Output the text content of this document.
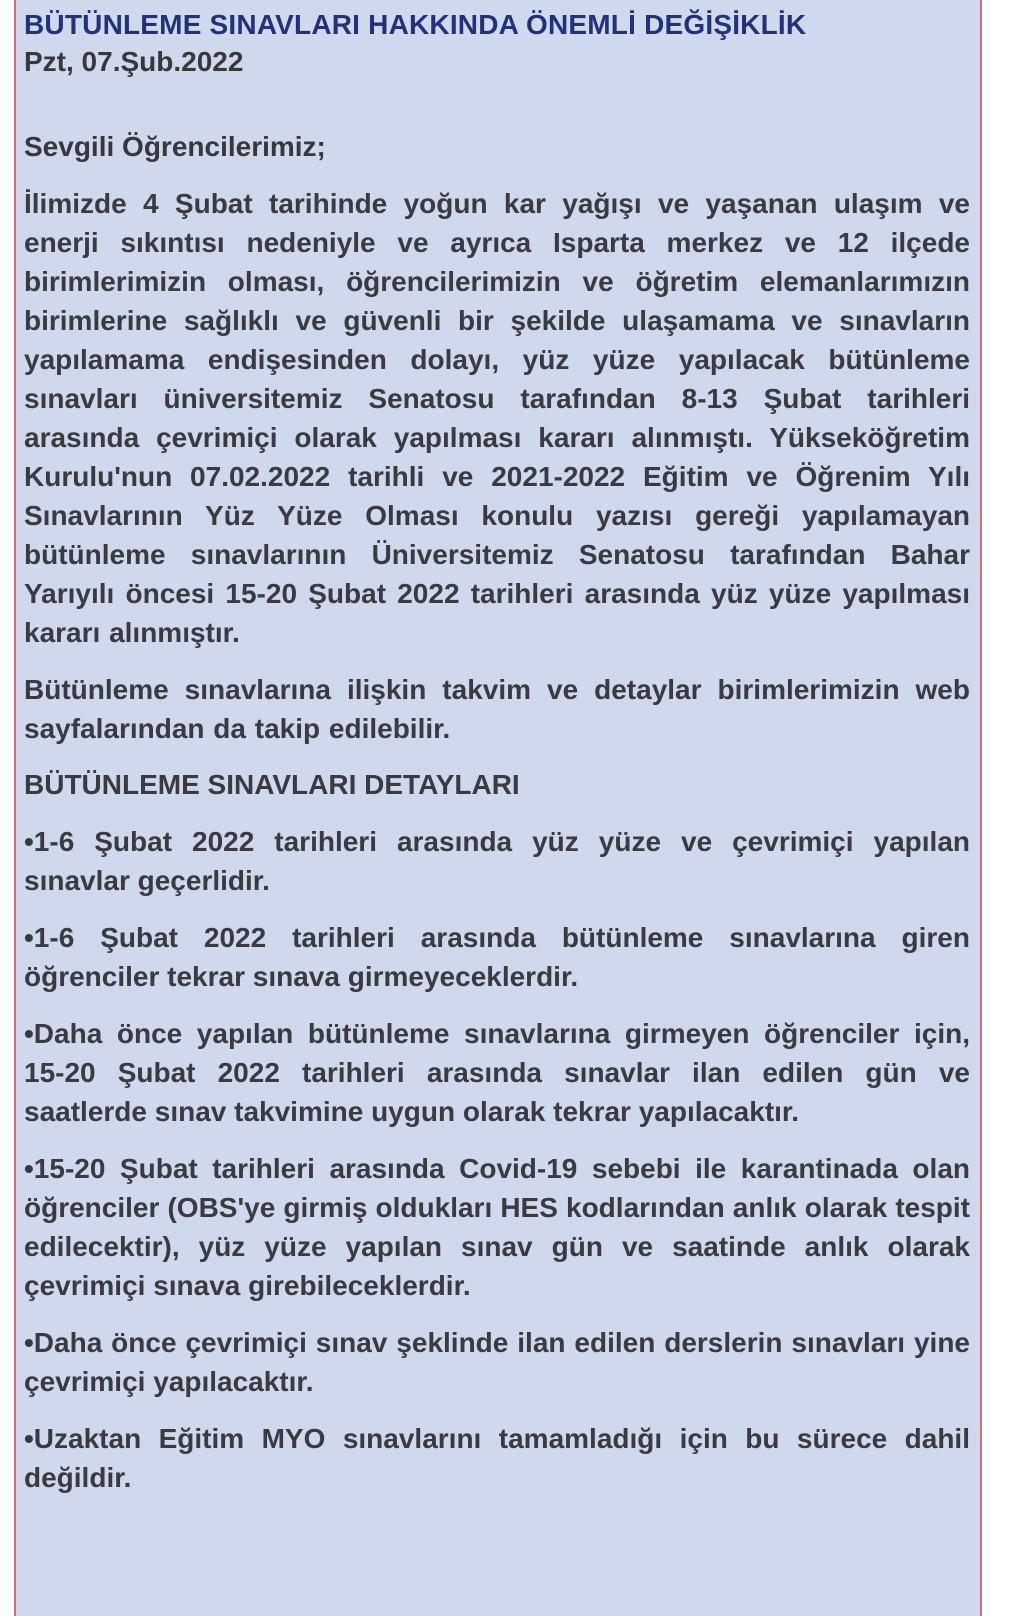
BÜTÜNLEME SINAVLARI HAKKINDA ÖNEMLİ DEĞİŞİKLİK

Pzt, 07.Şub.2022

Sevgili Öğrencilerimiz;

İlimizde 4 Şubat tarihinde yoğun kar yağışı ve yaşanan ulaşım ve enerji sıkıntısı nedeniyle ve ayrıca Isparta merkez ve 12 ilçede birimlerimizin olması, öğrencilerimizin ve öğretim elemanlarımızın birimlerine sağlıklı ve güvenli bir şekilde ulaşamama ve sınavların yapılamama endişesinden dolayı, yüz yüze yapılacak bütünleme sınavları üniversitemiz Senatosu tarafından 8-13 Şubat tarihleri arasında çevrimiçi olarak yapılması kararı alınmıştı. Yükseköğretim Kurulu'nun 07.02.2022 tarihli ve 2021-2022 Eğitim ve Öğrenim Yılı Sınavlarının Yüz Yüze Olması konulu yazısı gereği yapılamayan bütünleme sınavlarının Üniversitemiz Senatosu tarafından Bahar Yarıyılı öncesi 15-20 Şubat 2022 tarihleri arasında yüz yüze yapılması kararı alınmıştır.

Bütünleme sınavlarına ilişkin takvim ve detaylar birimlerimizin web sayfalarından da takip edilebilir.

BÜTÜNLEME SINAVLARI DETAYLARI

•1-6 Şubat 2022 tarihleri arasında yüz yüze ve çevrimiçi yapılan sınavlar geçerlidir.

•1-6 Şubat 2022 tarihleri arasında bütünleme sınavlarına giren öğrenciler tekrar sınava girmeyeceklerdir.

•Daha önce yapılan bütünleme sınavlarına girmeyen öğrenciler için, 15-20 Şubat 2022 tarihleri arasında sınavlar ilan edilen gün ve saatlerde sınav takvimine uygun olarak tekrar yapılacaktır.

•15-20 Şubat tarihleri arasında Covid-19 sebebi ile karantinada olan öğrenciler (OBS'ye girmiş oldukları HES kodlarından anlık olarak tespit edilecektir), yüz yüze yapılan sınav gün ve saatinde anlık olarak çevrimiçi sınava girebileceklerdir.

•Daha önce çevrimiçi sınav şeklinde ilan edilen derslerin sınavları yine çevrimiçi yapılacaktır.

•Uzaktan Eğitim MYO sınavlarını tamamladığı için bu sürece dahil değildir.
